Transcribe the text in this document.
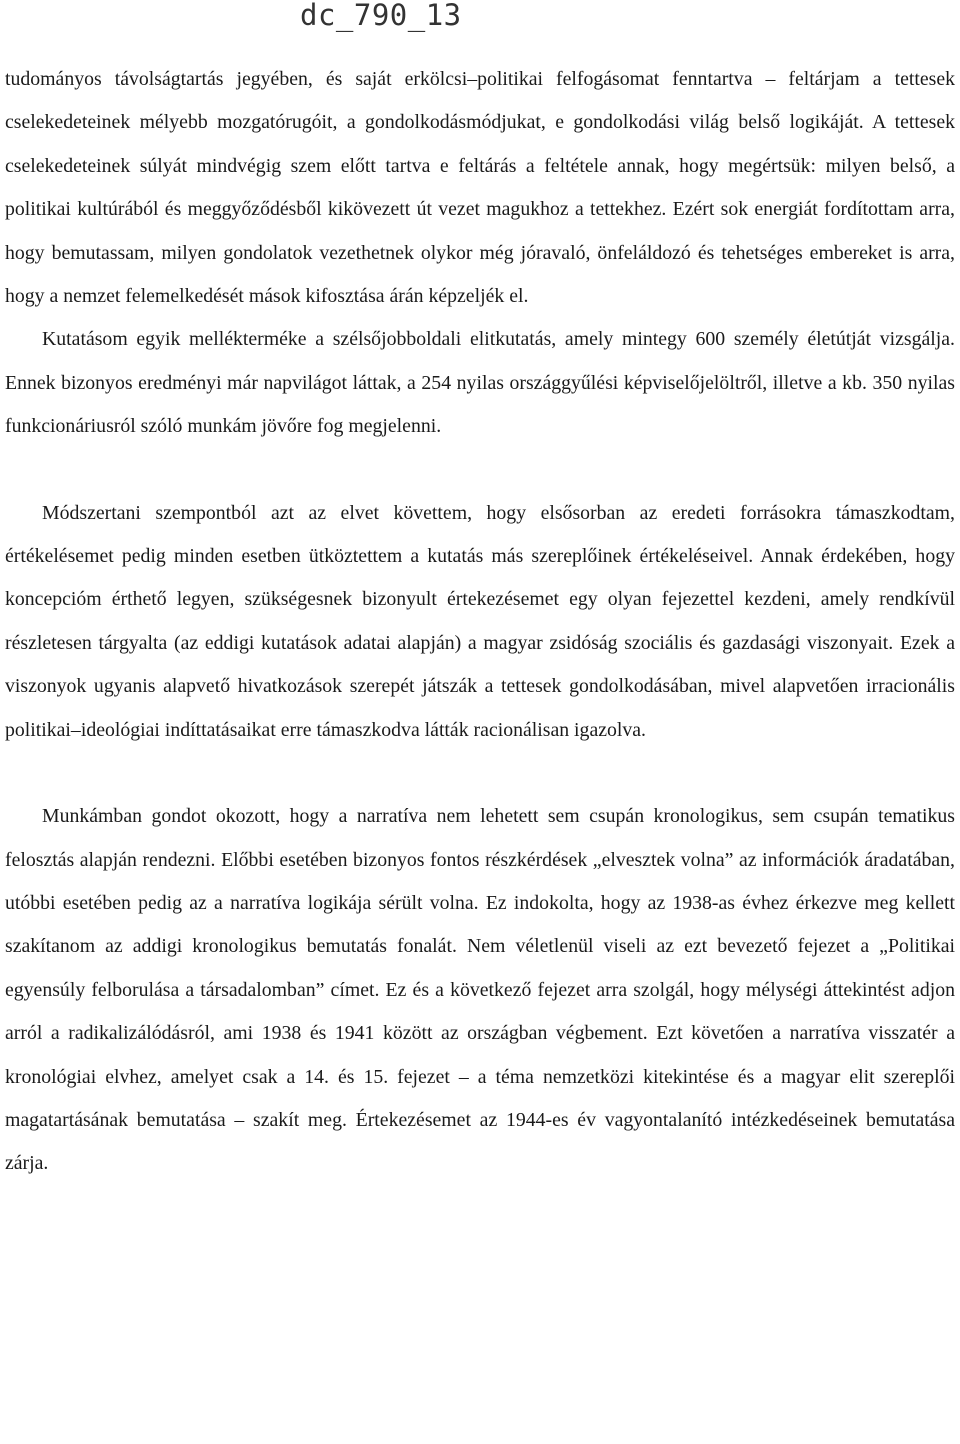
dc_790_13

tudományos távolságtartás jegyében, és saját erkölcsi–politikai felfogásomat fenntartva – feltárjam a tettesek cselekedeteinek mélyebb mozgatórugóit, a gondolkodásmódjukat, e gondolkodási világ belső logikáját. A tettesek cselekedeteinek súlyát mindvégig szem előtt tartva e feltárás a feltétele annak, hogy megértsük: milyen belső, a politikai kultúrából és meggyőződésből kikövezett út vezet magukhoz a tettekhez. Ezért sok energiát fordítottam arra, hogy bemutassam, milyen gondolatok vezethetnek olykor még jóravaló, önfeláldozó és tehetséges embereket is arra, hogy a nemzet felemelkedését mások kifosztása árán képzeljék el.

Kutatásom egyik mellékterméke a szélsőjobboldali elitkutatás, amely mintegy 600 személy életútját vizsgálja. Ennek bizonyos eredményi már napvilágot láttak, a 254 nyilas országgyűlési képviselőjelöltről, illetve a kb. 350 nyilas funkcionáriusról szóló munkám jövőre fog megjelenni.

Módszertani szempontból azt az elvet követtem, hogy elsősorban az eredeti forrásokra támaszkodtam, értékelésemet pedig minden esetben ütköztettem a kutatás más szereplőinek értékeléseivel. Annak érdekében, hogy koncepcióm érthető legyen, szükségesnek bizonyult értekezésemet egy olyan fejezettel kezdeni, amely rendkívül részletesen tárgyalta (az eddigi kutatások adatai alapján) a magyar zsidóság szociális és gazdasági viszonyait. Ezek a viszonyok ugyanis alapvető hivatkozások szerepét játszák a tettesek gondolkodásában, mivel alapvetően irracionális politikai–ideológiai indíttatásaikat erre támaszkodva látták racionálisan igazolva.

Munkámban gondot okozott, hogy a narratíva nem lehetett sem csupán kronologikus, sem csupán tematikus felosztás alapján rendezni. Előbbi esetében bizonyos fontos részkérdések „elvesztek volna” az információk áradatában, utóbbi esetében pedig az a narratíva logikája sérült volna. Ez indokolta, hogy az 1938-as évhez érkezve meg kellett szakítanom az addigi kronologikus bemutatás fonalát. Nem véletlenül viseli az ezt bevezető fejezet a „Politikai egyensúly felborulása a társadalomban” címet. Ez és a következő fejezet arra szolgál, hogy mélységi áttekintést adjon arról a radikalizálódásról, ami 1938 és 1941 között az országban végbement. Ezt követően a narratíva visszatér a kronológiai elvhez, amelyet csak a 14. és 15. fejezet – a téma nemzetközi kitekintése és a magyar elit szereplői magatartásának bemutatása – szakít meg. Értekezésemet az 1944-es év vagyontalanító intézkedéseinek bemutatása zárja.
